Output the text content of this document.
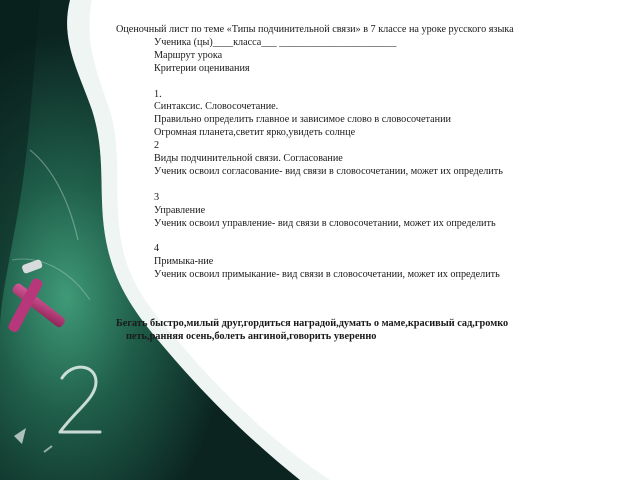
Оценочный лист по теме «Типы подчинительной связи» в 7 классе на уроке русского языка
Ученика (цы)____класса___ _______________________
Маршрут урока
Критерии оценивания
1.
Синтаксис. Словосочетание.
Правильно определить главное и зависимое слово в словосочетании
Огромная планета,светит ярко,увидеть солнце
2
Виды подчинительной связи. Согласование
Ученик освоил согласование- вид связи в словосочетании, может их определить
3
Управление
Ученик освоил управление- вид связи в словосочетании, может их определить
4
Примыка-ние
Ученик освоил примыкание- вид связи в словосочетании, может их определить
Бегать быстро,милый друг,гордиться наградой,думать о маме,красивый сад,громко
петь,ранняя осень,болеть ангиной,говорить уверенно
